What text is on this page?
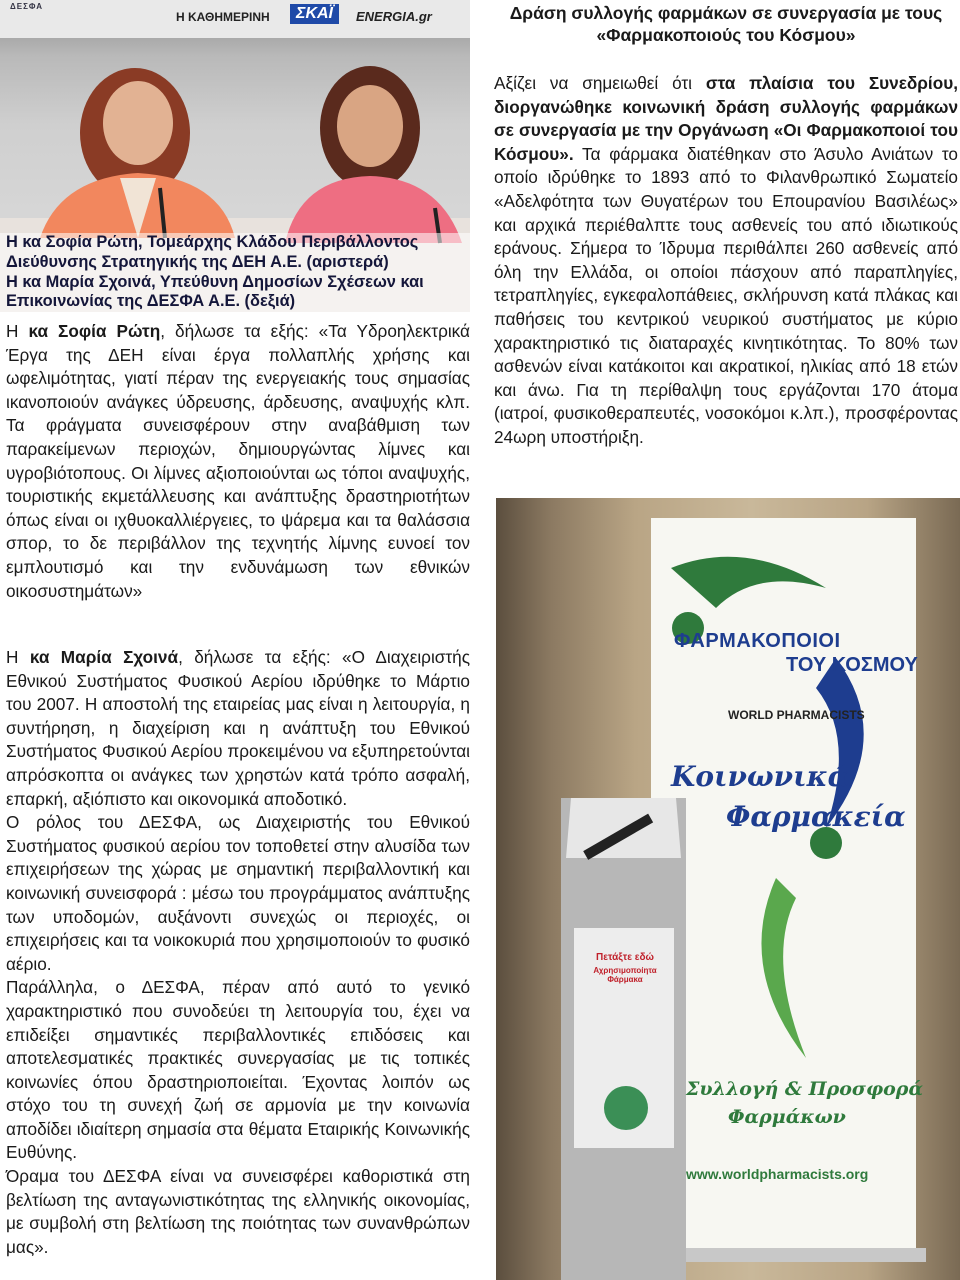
ΔΕΣΦΑ
Η ΚΑΘΗΜΕΡΙΝΗ	ΣΚΑΪ	ENERGIA.gr
Η κα Σοφία Ρώτη, Τομεάρχης Κλάδου Περιβάλλοντος
Διεύθυνσης Στρατηγικής της ΔΕΗ Α.Ε. (αριστερά)
Η κα Μαρία Σχοινά, Υπεύθυνη Δημοσίων Σχέσεων και
Επικοινωνίας της ΔΕΣΦΑ Α.Ε. (δεξιά)

Η κα Σοφία Ρώτη, δήλωσε τα εξής: «Τα Υδροηλεκτρικά Έργα της ΔΕΗ είναι έργα πολλαπλής χρήσης και ωφελιμότητας, γιατί πέραν της ενεργειακής τους σημασίας ικανοποιούν ανάγκες ύδρευσης, άρδευσης, αναψυχής κλπ. Τα φράγματα συνεισφέρουν στην αναβάθμιση των παρακείμενων περιοχών, δημιουργώντας λίμνες και υγροβιότοπους. Οι λίμνες αξιοποιούνται ως τόποι αναψυχής, τουριστικής εκμετάλλευσης και ανάπτυξης δραστηριοτήτων όπως είναι οι ιχθυοκαλλιέργειες, το ψάρεμα και τα θαλάσσια σπορ, το δε περιβάλλον της τεχνητής λίμνης ευνοεί τον εμπλουτισμό και την ενδυνάμωση των εθνικών οικοσυστημάτων»

Η κα Μαρία Σχοινά, δήλωσε τα εξής: «Ο Διαχειριστής Εθνικού Συστήματος Φυσικού Αερίου ιδρύθηκε το Μάρτιο του 2007. Η αποστολή της εταιρείας μας είναι η λειτουργία, η συντήρηση, η διαχείριση και η ανάπτυξη του Εθνικού Συστήματος Φυσικού Αερίου προκειμένου να εξυπηρετούνται απρόσκοπτα οι ανάγκες των χρηστών κατά τρόπο ασφαλή, επαρκή, αξιόπιστο και οικονομικά αποδοτικό.

Ο ρόλος του ΔΕΣΦΑ, ως Διαχειριστής του Εθνικού Συστήματος φυσικού αερίου τον τοποθετεί στην αλυσίδα των επιχειρήσεων της χώρας με σημαντική περιβαλλοντική και κοινωνική συνεισφορά : μέσω του προγράμματος ανάπτυξης των υποδομών, αυξάνοντι συνεχώς οι περιοχές, οι επιχειρήσεις και τα νοικοκυριά που χρησιμοποιούν το φυσικό αέριο.

Παράλληλα, ο ΔΕΣΦΑ, πέραν από αυτό το γενικό χαρακτηριστικό που συνοδεύει τη λειτουργία του, έχει να επιδείξει σημαντικές περιβαλλοντικές επιδόσεις και αποτελεσματικές πρακτικές συνεργασίας με τις τοπικές κοινωνίες όπου δραστηριοποιείται. Έχοντας λοιπόν ως στόχο του τη συνεχή ζωή σε αρμονία με την κοινωνία αποδίδει ιδιαίτερη σημασία στα θέματα Εταιρικής Κοινωνικής Ευθύνης.

Όραμα του ΔΕΣΦΑ είναι να συνεισφέρει καθοριστικά στη βελτίωση της ανταγωνιστικότητας της ελληνικής οικονομίας, με συμβολή στη βελτίωση της ποιότητας των συνανθρώπων μας».

Δράση συλλογής φαρμάκων σε συνεργασία με τους «Φαρμακοποιούς του Κόσμου»

Αξίζει να σημειωθεί ότι στα πλαίσια του Συνεδρίου, διοργανώθηκε κοινωνική δράση συλλογής φαρμάκων σε συνεργασία με την Οργάνωση «Οι Φαρμακοποιοί του Κόσμου». Τα φάρμακα διατέθηκαν στο Άσυλο Ανιάτων το οποίο ιδρύθηκε το 1893 από το Φιλανθρωπικό Σωματείο «Αδελφότητα των Θυγατέρων του Εποuρανίου Βασιλέως» και αρχικά περιέθαλπτε τους ασθενείς του από ιδιωτικούς εράνους. Σήμερα το Ίδρυμα περιθάλπει 260 ασθενείς από όλη την Ελλάδα, οι οποίοι πάσχουν από παραπληγίες, τετραπληγίες, εγκεφαλοπάθειες, σκλήρυνση κατά πλάκας και παθήσεις του κεντρικού νευρικού συστήματος με κύριο χαρακτηριστικό τις διαταραχές κινητικότητας. Το 80% των ασθενών είναι κατάκοιτοι και ακρατικοί, ηλικίας από 18 ετών και άνω. Για τη περίθαλψη τους εργάζονται 170 άτομα (ιατροί, φυσικοθεραπευτές, νοσοκόμοι κ.λπ.), προσφέροντας 24ωρη υποστήριξη.

ΦΑΡΜΑΚΟΠΟΙΟΙ
ΤΟΥ ΚΟΣΜΟΥ
WORLD PHARMACISTS
Κοινωνικά
Φαρμακεία
Συλλογή & Προσφορά
Φαρμάκων
www.worldpharmacists.org
Πετάξτε εδώ
Αχρησιμοποίητα Φάρμακα
